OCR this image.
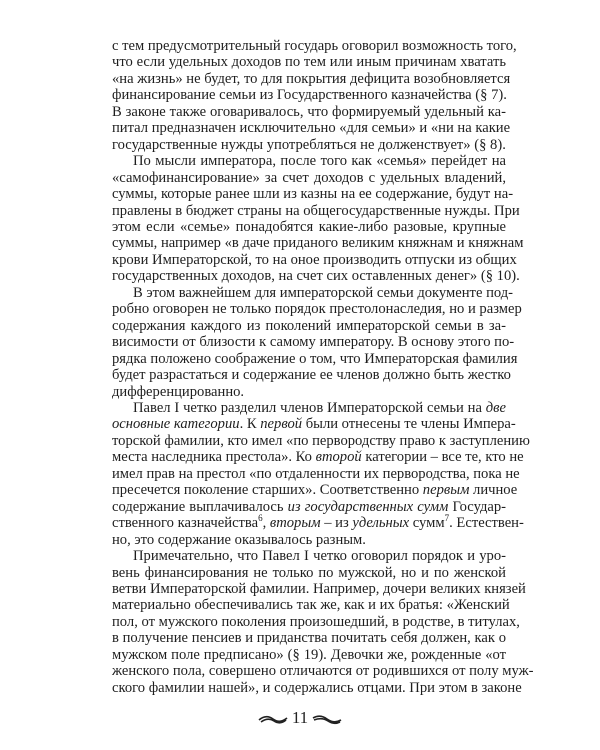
с тем предусмотрительный государь оговорил возможность того,
что если удельных доходов по тем или иным причинам хватать
«на жизнь» не будет, то для покрытия дефицита возобновляется
финансирование семьи из Государственного казначейства (§ 7).
В законе также оговаривалось, что формируемый удельный ка-
питал предназначен исключительно «для семьи» и «ни на какие
государственные нужды употребляться не долженствует» (§ 8).
По мысли императора, после того как «семья» перейдет на
«самофинансирование» за счет доходов с удельных владений,
суммы, которые ранее шли из казны на ее содержание, будут на-
правлены в бюджет страны на общегосударственные нужды. При
этом если «семье» понадобятся какие-либо разовые, крупные
суммы, например «в даче приданого великим княжнам и княжнам
крови Императорской, то на оное производить отпуски из общих
государственных доходов, на счет сих оставленных денег» (§ 10).
В этом важнейшем для императорской семьи документе под-
робно оговорен не только порядок престолонаследия, но и размер
содержания каждого из поколений императорской семьи в за-
висимости от близости к самому императору. В основу этого по-
рядка положено соображение о том, что Императорская фамилия
будет разрастаться и содержание ее членов должно быть жестко
дифференцированно.
Павел I четко разделил членов Императорской семьи на две
основные категории. К первой были отнесены те члены Импера-
торской фамилии, кто имел «по первородству право к заступлению
места наследника престола». Ко второй категории – все те, кто не
имел прав на престол «по отдаленности их первородства, пока не
пресечется поколение старших». Соответственно первым личное
содержание выплачивалось из государственных сумм Государ-
ственного казначейства$^6$, вторым – из удельных сумм$^7$. Естествен-
но, это содержание оказывалось разным.
Примечательно, что Павел I четко оговорил порядок и уро-
вень финансирования не только по мужской, но и по женской
ветви Императорской фамилии. Например, дочери великих князей
материально обеспечивались так же, как и их братья: «Женский
пол, от мужского поколения произошедший, в родстве, в титулах,
в получение пенсиев и приданства почитать себя должен, как о
мужском поле предписано» (§ 19). Девочки же, рожденные «от
женского пола, совершено отличаются от родившихся от полу муж-
ского фамилии нашей», и содержались отцами. При этом в законе
11
